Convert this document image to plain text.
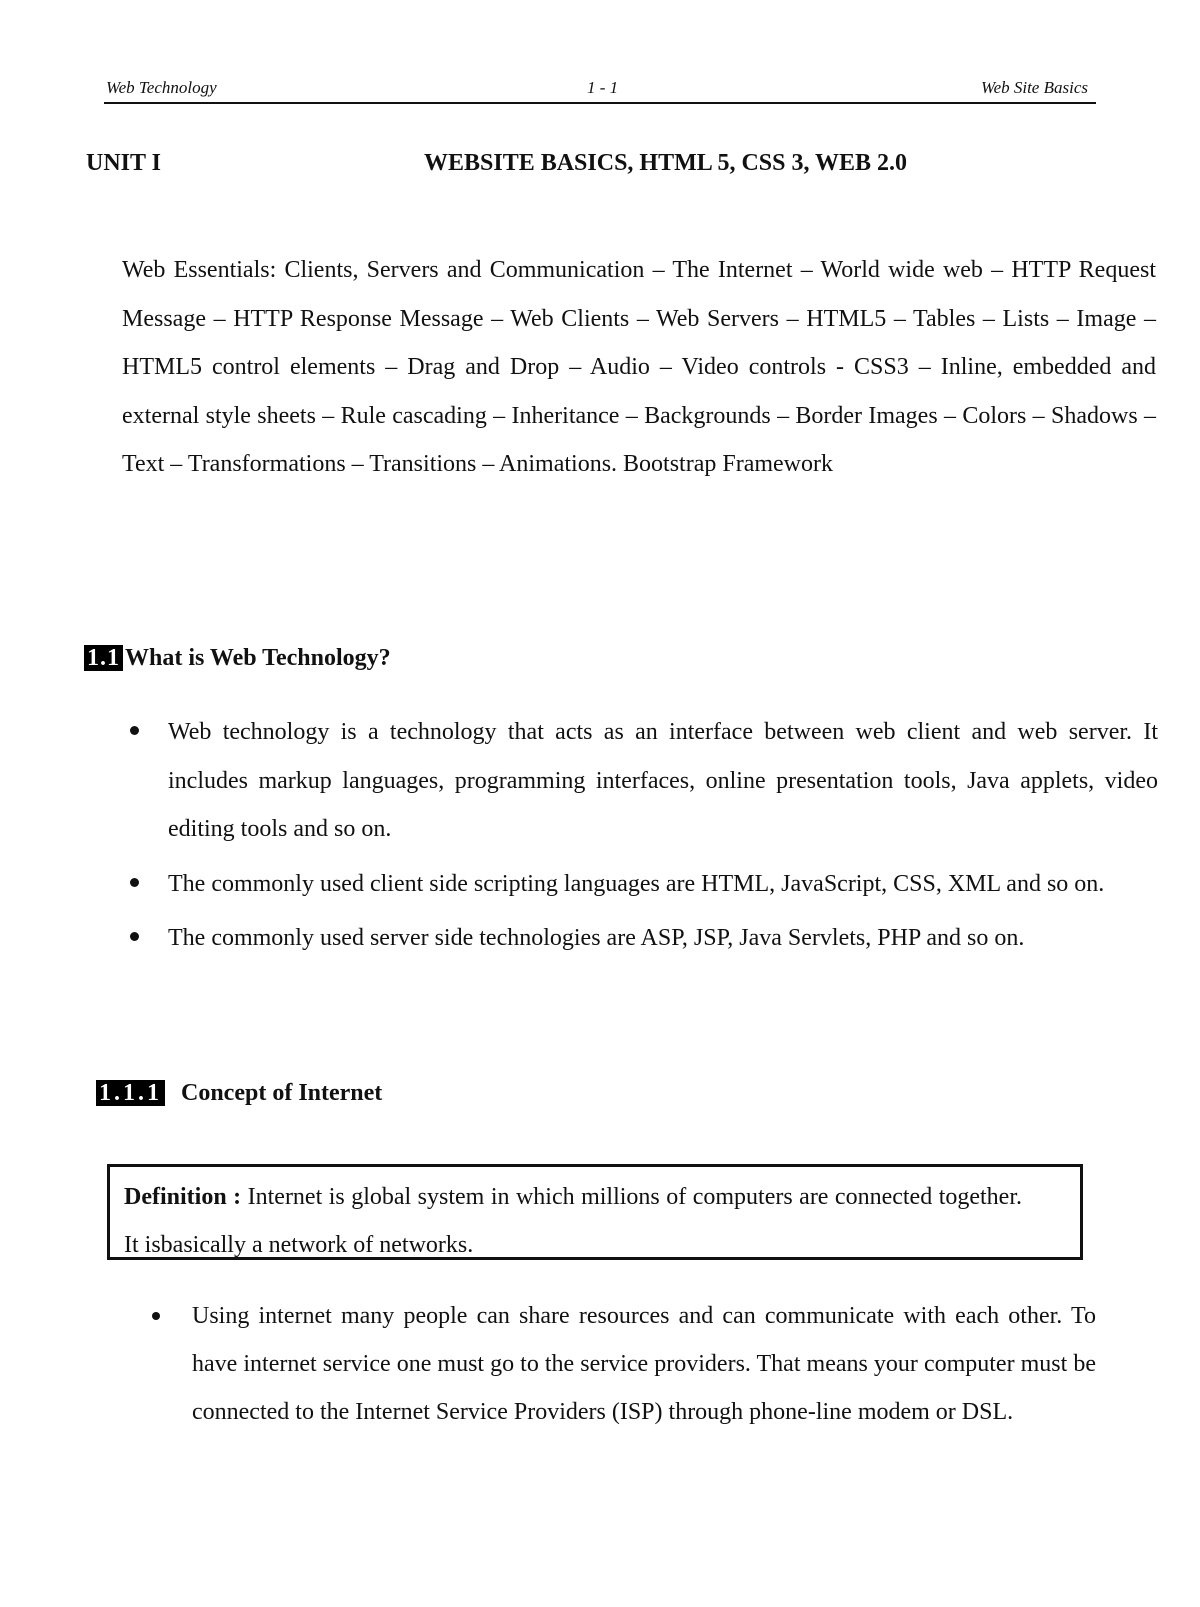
Web Technology	1 - 1	Web Site Basics
UNIT I	WEBSITE BASICS, HTML 5, CSS 3, WEB 2.0

Web Essentials: Clients, Servers and Communication – The Internet – World wide web – HTTP Request Message – HTTP Response Message – Web Clients – Web Servers – HTML5 – Tables – Lists – Image – HTML5 control elements – Drag and Drop – Audio – Video controls - CSS3 – Inline, embedded and external style sheets – Rule cascading – Inheritance – Backgrounds – Border Images – Colors – Shadows – Text – Transformations – Transitions – Animations. Bootstrap Framework

1.1 What is Web Technology?
Web technology is a technology that acts as an interface between web client and web server. It includes markup languages, programming interfaces, online presentation tools, Java applets, video editing tools and so on.
The commonly used client side scripting languages are HTML, JavaScript, CSS, XML and so on.
The commonly used server side technologies are ASP, JSP, Java Servlets, PHP and so on.
1.1.1 Concept of Internet
Definition : Internet is global system in which millions of computers are connected together. It isbasically a network of networks.
Using internet many people can share resources and can communicate with each other. To have internet service one must go to the service providers. That means your computer must be connected to the Internet Service Providers (ISP) through phone-line modem or DSL.
